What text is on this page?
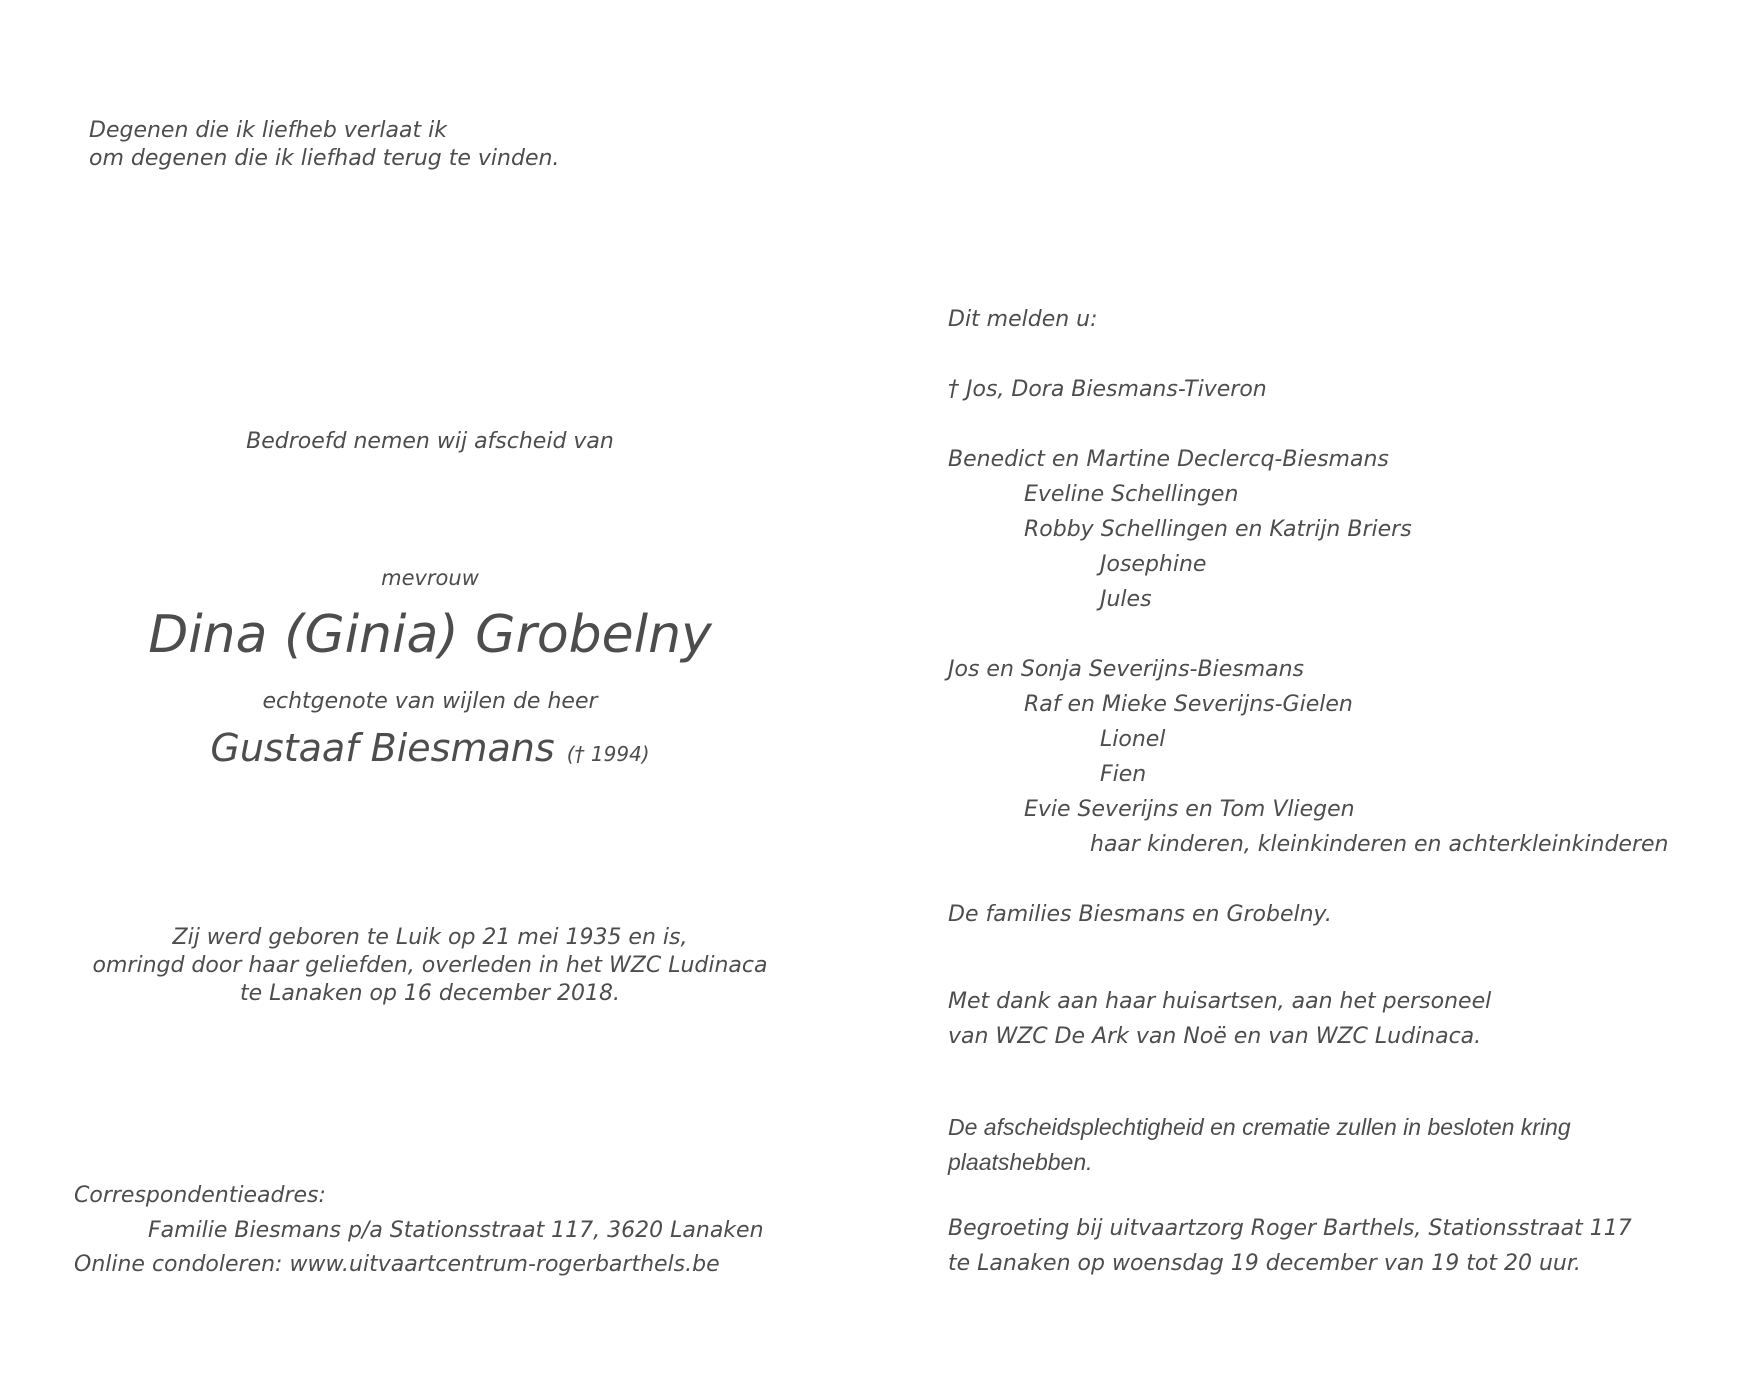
Degenen die ik liefheb verlaat ik
om degenen die ik liefhad terug te vinden.
Bedroefd nemen wij afscheid van
mevrouw
Dina (Ginia) Grobelny
echtgenote van wijlen de heer
Gustaaf Biesmans († 1994)
Zij werd geboren te Luik op 21 mei 1935 en is,
omringd door haar geliefden, overleden in het WZC Ludinaca
te Lanaken op 16 december 2018.
Correspondentieadres:
Familie Biesmans p/a Stationsstraat 117, 3620 Lanaken
Online condoleren: www.uitvaartcentrum-rogerbarthels.be
Dit melden u:
† Jos, Dora Biesmans-Tiveron
Benedict en Martine Declercq-Biesmans
Eveline Schellingen
Robby Schellingen en Katrijn Briers
Josephine
Jules
Jos en Sonja Severijns-Biesmans
Raf en Mieke Severijns-Gielen
Lionel
Fien
Evie Severijns en Tom Vliegen
haar kinderen, kleinkinderen en achterkleinkinderen
De families Biesmans en Grobelny.
Met dank aan haar huisartsen, aan het personeel
van WZC De Ark van Noë en van WZC Ludinaca.
De afscheidsplechtigheid en crematie zullen in besloten kring
plaatshebben.
Begroeting bij uitvaartzorg Roger Barthels, Stationsstraat 117
te Lanaken op woensdag 19 december van 19 tot 20 uur.
